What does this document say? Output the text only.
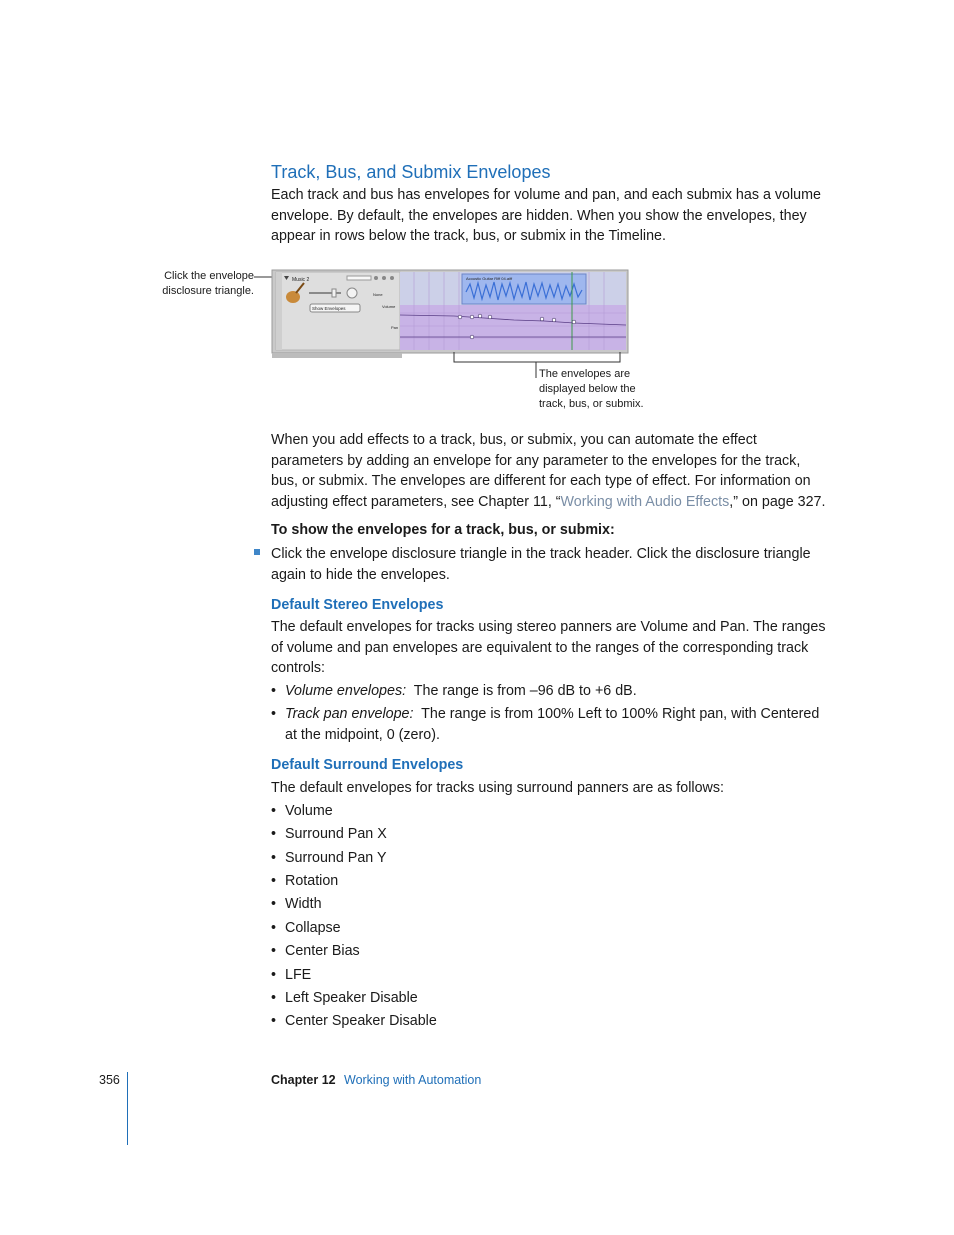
Track, Bus, and Submix Envelopes
Each track and bus has envelopes for volume and pan, and each submix has a volume envelope. By default, the envelopes are hidden. When you show the envelopes, they appear in rows below the track, bus, or submix in the Timeline.
Click the envelope disclosure triangle.
Music 2
Show Envelopes
None
Volume
Pan
Acoustic Guitar Riff 04.aiff
The envelopes are displayed below the track, bus, or submix.
When you add effects to a track, bus, or submix, you can automate the effect parameters by adding an envelope for any parameter to the envelopes for the track, bus, or submix. The envelopes are different for each type of effect. For information on adjusting effect parameters, see Chapter 11, “Working with Audio Effects,” on page 327.
To show the envelopes for a track, bus, or submix:
Click the envelope disclosure triangle in the track header. Click the disclosure triangle again to hide the envelopes.
Default Stereo Envelopes
The default envelopes for tracks using stereo panners are Volume and Pan. The ranges of volume and pan envelopes are equivalent to the ranges of the corresponding track controls:
• Volume envelopes: The range is from –96 dB to +6 dB.
• Track pan envelope: The range is from 100% Left to 100% Right pan, with Centered at the midpoint, 0 (zero).
Default Surround Envelopes
The default envelopes for tracks using surround panners are as follows:
• Volume
• Surround Pan X
• Surround Pan Y
• Rotation
• Width
• Collapse
• Center Bias
• LFE
• Left Speaker Disable
• Center Speaker Disable
356	Chapter 12 Working with Automation
